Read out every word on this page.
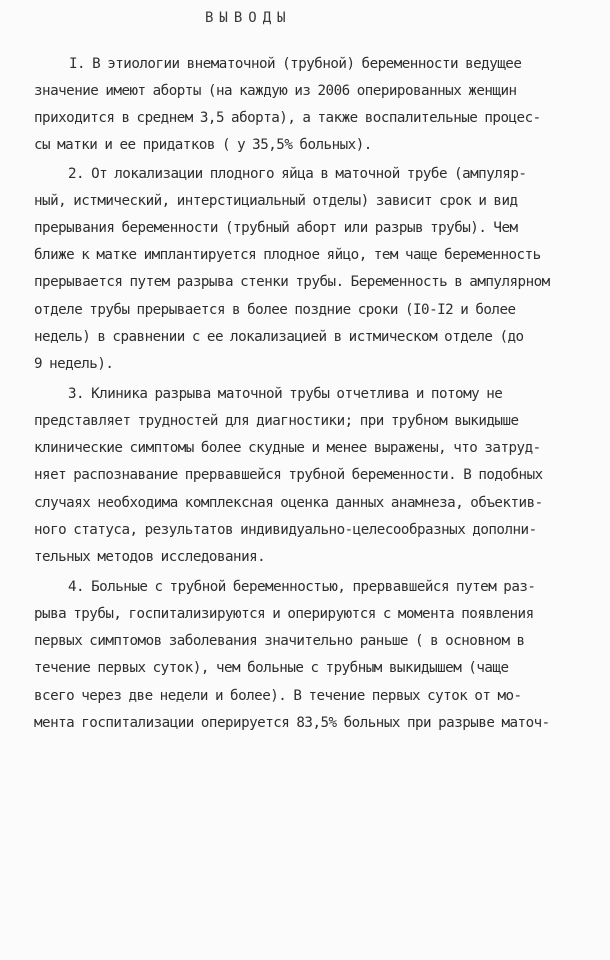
ВЫВОДЫ
I. В этиологии внематочной (трубной) беременности ведущее
значение имеют аборты (на каждую из 2006 оперированных женщин
приходится в среднем 3,5 аборта), а также воспалительные процес-
сы матки и ее придатков ( у 35,5% больных).
2. От локализации плодного яйца в маточной трубе (ампуляр-
ный, истмический, интерстициальный отделы) зависит срок и вид
прерывания беременности (трубный аборт или разрыв трубы). Чем
ближе к матке имплантируется плодное яйцо, тем чаще беременность
прерывается путем разрыва стенки трубы. Беременность в ампулярном
отделе трубы прерывается в более поздние сроки (I0-I2 и более
недель) в сравнении с ее локализацией в истмическом отделе (до
9 недель).
3. Клиника разрыва маточной трубы отчетлива и потому не
представляет трудностей для диагностики; при трубном выкидыше
клинические симптомы более скудные и менее выражены, что затруд-
няет распознавание прервавшейся трубной беременности. В подобных
случаях необходима комплексная оценка данных анамнеза, объектив-
ного статуса, результатов индивидуально-целесообразных дополни-
тельных методов исследования.
4. Больные с трубной беременностью, прервавшейся путем раз-
рыва трубы, госпитализируются и оперируются с момента появления
первых симптомов заболевания значительно раньше ( в основном в
течение первых суток), чем больные с трубным выкидышем (чаще
всего через две недели и более). В течение первых суток от мо-
мента госпитализации оперируется 83,5% больных при разрыве маточ-
